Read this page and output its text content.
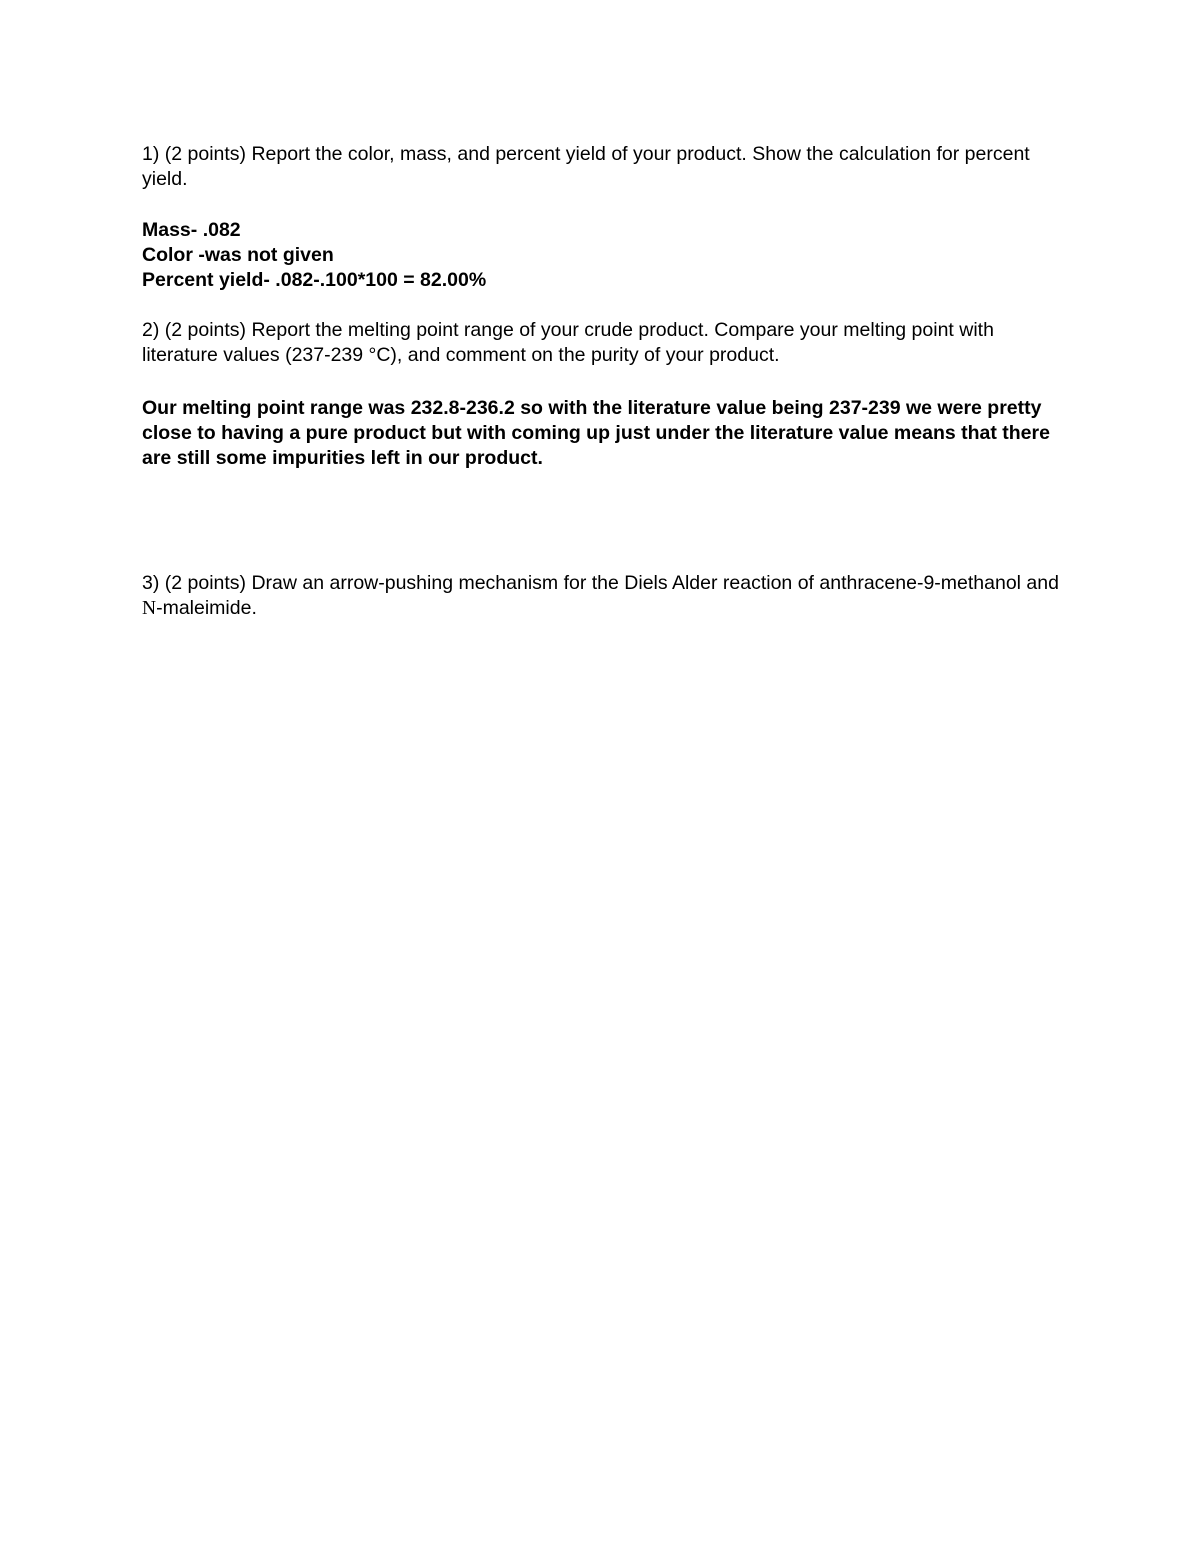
1) (2 points) Report the color, mass, and percent yield of your product. Show the calculation for percent yield.

Mass- .082
Color -was not given
Percent yield- .082-.100*100 = 82.00%

2) (2 points) Report the melting point range of your crude product. Compare your melting point with literature values (237-239 °C), and comment on the purity of your product.

Our melting point range was 232.8-236.2 so with the literature value being 237-239 we were pretty close to having a pure product but with coming up just under the literature value means that there are still some impurities left in our product.

3) (2 points) Draw an arrow-pushing mechanism for the Diels Alder reaction of anthracene-9-methanol and N-maleimide.
